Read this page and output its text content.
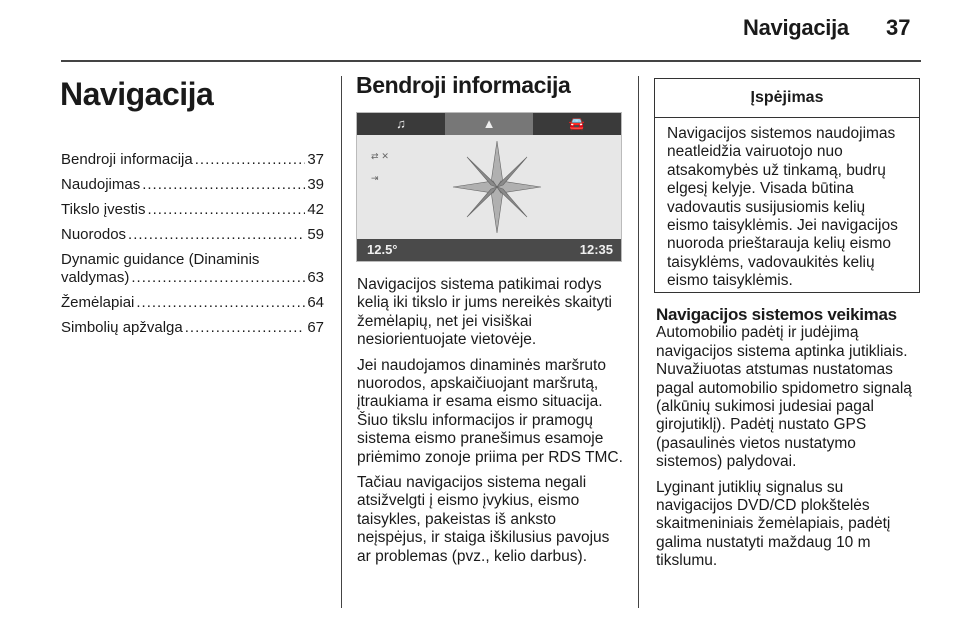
Navigacija 37
Navigacija
Bendroji informacija .....	37
Naudojimas .....	39
Tikslo įvestis .....	42
Nuorodos .....	59
Dynamic guidance (Dinaminis
valdymas) .....	63
Žemėlapiai .....	64
Simbolių apžvalga .....	67
Bendroji informacija
♫	▲	🚘
⇄ ✕
⇥
12.5°	12:35

Navigacijos sistema patikimai rodys kelią iki tikslo ir jums nereikės skaityti žemėlapių, net jei visiškai nesiorientuojate vietovėje.

Jei naudojamos dinaminės maršruto nuorodos, apskaičiuojant maršrutą, įtraukiama ir esama eismo situacija. Šiuo tikslu informacijos ir pramogų sistema eismo pranešimus esamoje priėmimo zonoje priima per RDS TMC.

Tačiau navigacijos sistema negali atsižvelgti į eismo įvykius, eismo taisykles, pakeistas iš anksto neįspėjus, ir staiga iškilusius pavojus ar problemas (pvz., kelio darbus).

Įspėjimas
Navigacijos sistemos naudojimas neatleidžia vairuotojo nuo atsakomybės už tinkamą, budrų elgesį kelyje. Visada būtina vadovautis susijusiomis kelių eismo taisyklėmis. Jei navigacijos nuoroda prieštarauja kelių eismo taisyklėms, vadovaukitės kelių eismo taisyklėmis.
Navigacijos sistemos veikimas

Automobilio padėtį ir judėjimą navigacijos sistema aptinka jutikliais. Nuvažiuotas atstumas nustatomas pagal automobilio spidometro signalą (alkūnių sukimosi judesiai pagal girojutiklį). Padėtį nustato GPS (pasaulinės vietos nustatymo sistemos) palydovai.

Lyginant jutiklių signalus su navigacijos DVD/CD plokštelės skaitmeniniais žemėlapiais, padėtį galima nustatyti maždaug 10 m tikslumu.
